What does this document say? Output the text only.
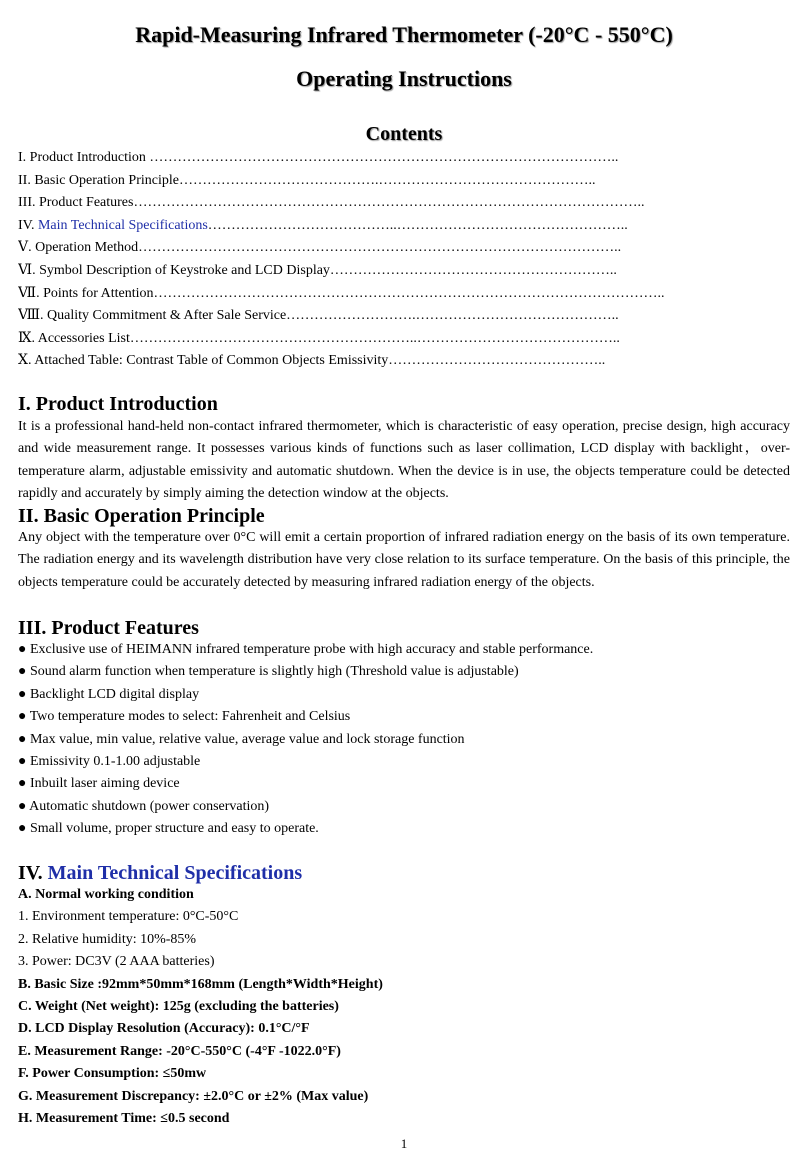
Rapid-Measuring Infrared Thermometer (-20°C - 550°C)
Operating Instructions
Contents
I. Product Introduction ………………………………………………………………………………………..
II. Basic Operation Principle…………………………………….………………………………………..
III. Product Features………………………………………………………………………………………………..
IV. Main Technical Specifications…………………………………..…………………………………………..
Ⅴ. Operation Method…………………………………………………………………………………………..
Ⅵ. Symbol Description of Keystroke and LCD Display……………………………………………………..
Ⅶ. Points for Attention………………………………………………………………………………………………..
Ⅷ. Quality Commitment & After Sale Service……………………….……………………………………..
Ⅸ. Accessories List……………………………………………………..……………………………………..
Ⅹ. Attached Table: Contrast Table of Common Objects Emissivity………………………………………..
I. Product Introduction

It is a professional hand-held non-contact infrared thermometer, which is characteristic of easy operation, precise design, high accuracy and wide measurement range. It possesses various kinds of functions such as laser collimation, LCD display with backlight，over-temperature alarm, adjustable emissivity and automatic shutdown. When the device is in use, the objects temperature could be detected rapidly and accurately by simply aiming the detection window at the objects.

II. Basic Operation Principle

Any object with the temperature over 0°C will emit a certain proportion of infrared radiation energy on the basis of its own temperature. The radiation energy and its wavelength distribution have very close relation to its surface temperature. On the basis of this principle, the objects temperature could be accurately detected by measuring infrared radiation energy of the objects.

III. Product Features
● Exclusive use of HEIMANN infrared temperature probe with high accuracy and stable performance.
● Sound alarm function when temperature is slightly high (Threshold value is adjustable)
● Backlight LCD digital display
● Two temperature modes to select: Fahrenheit and Celsius
● Max value, min value, relative value, average value and lock storage function
● Emissivity 0.1-1.00 adjustable
● Inbuilt laser aiming device
● Automatic shutdown (power conservation)
● Small volume, proper structure and easy to operate.
IV. Main Technical Specifications
A. Normal working condition
1. Environment temperature: 0°C-50°C
2. Relative humidity: 10%-85%
3. Power: DC3V (2 AAA batteries)
B. Basic Size :92mm*50mm*168mm (Length*Width*Height)
C. Weight (Net weight): 125g (excluding the batteries)
D. LCD Display Resolution (Accuracy): 0.1°C/°F
E. Measurement Range: -20°C-550°C (-4°F -1022.0°F)
F. Power Consumption: ≤50mw
G. Measurement Discrepancy: ±2.0°C or ±2% (Max value)
H. Measurement Time: ≤0.5 second
1
